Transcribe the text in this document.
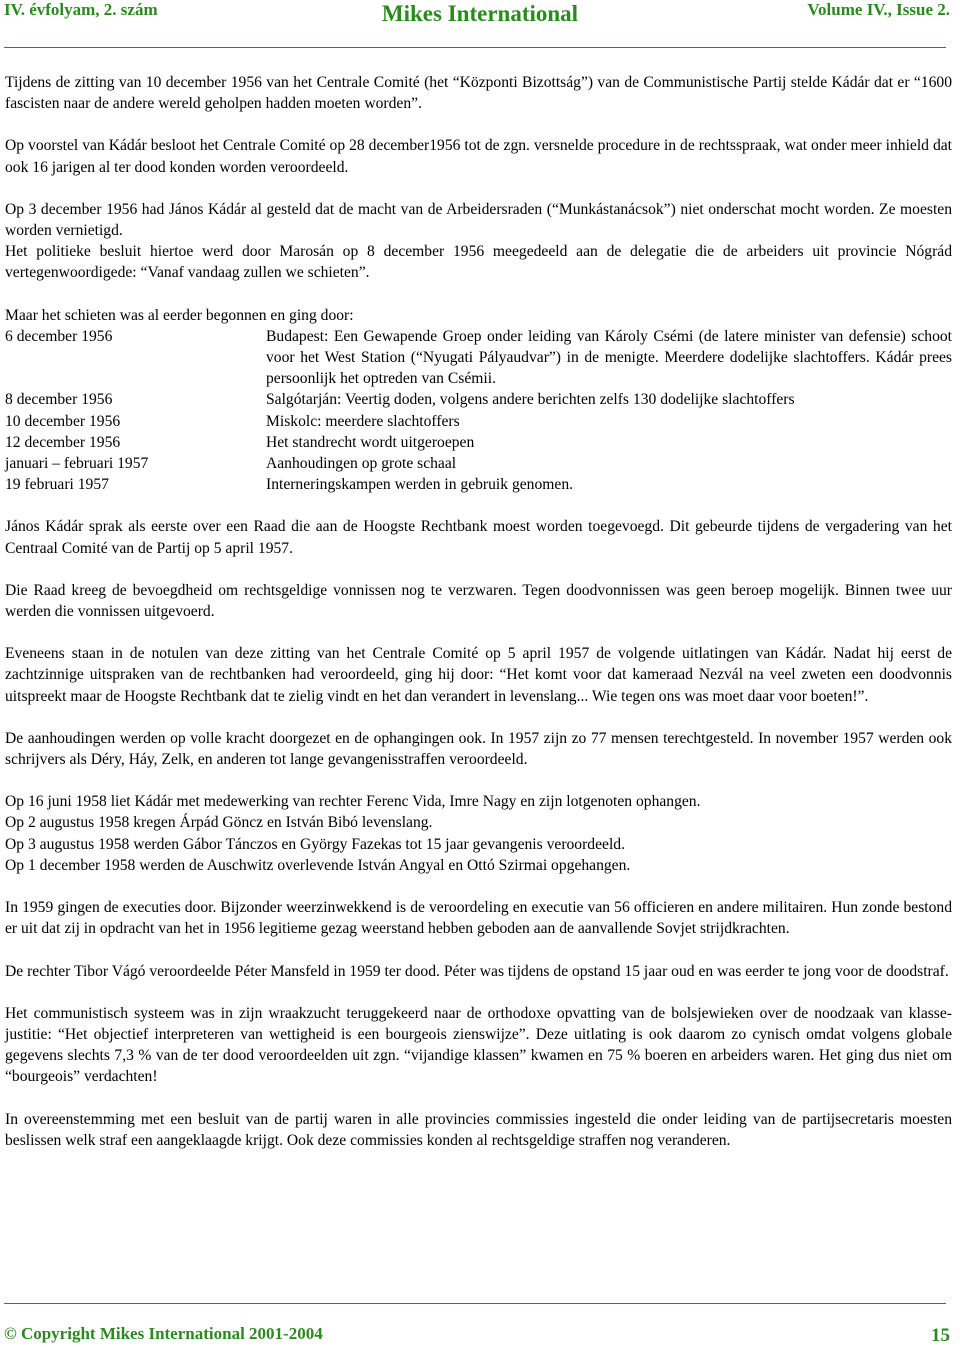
IV. évfolyam, 2. szám	Mikes International	Volume IV., Issue 2.

Tijdens de zitting van 10 december 1956 van het Centrale Comité (het “Központi Bizottság”) van de Communistische Partij stelde Kádár dat er “1600 fascisten naar de andere wereld geholpen hadden moeten worden”.

Op voorstel van Kádár besloot het Centrale Comité op 28 december1956 tot de zgn. versnelde procedure in de rechtsspraak, wat onder meer inhield dat ook 16 jarigen al ter dood konden worden veroordeeld.

Op 3 december 1956 had János Kádár al gesteld dat de macht van de Arbeidersraden (“Munkástanácsok”) niet onderschat mocht worden. Ze moesten worden vernietigd.

Het politieke besluit hiertoe werd door Marosán op 8 december 1956 meegedeeld aan de delegatie die de arbeiders uit provincie Nógrád vertegenwoordigede: “Vanaf vandaag zullen we schieten”.

Maar het schieten was al eerder begonnen en ging door:

6 december 1956	Budapest: Een Gewapende Groep onder leiding van Károly Csémi (de latere minister van defensie) schoot voor het West Station (“Nyugati Pályaudvar”) in de menigte. Meerdere dodelijke slachtoffers. Kádár prees persoonlijk het optreden van Csémii.
8 december 1956	Salgótarján: Veertig doden, volgens andere berichten zelfs 130 dodelijke slachtoffers
10 december 1956	Miskolc: meerdere slachtoffers
12 december 1956	Het standrecht wordt uitgeroepen
januari – februari 1957	Aanhoudingen op grote schaal
19 februari 1957	Interneringskampen werden in gebruik genomen.

János Kádár sprak als eerste over een Raad die aan de Hoogste Rechtbank moest worden toegevoegd. Dit gebeurde tijdens de vergadering van het Centraal Comité van de Partij op 5 april 1957.

Die Raad kreeg de bevoegdheid om rechtsgeldige vonnissen nog te verzwaren. Tegen doodvonnissen was geen beroep mogelijk. Binnen twee uur werden die vonnissen uitgevoerd.

Eveneens staan in de notulen van deze zitting van het Centrale Comité op 5 april 1957 de volgende uitlatingen van Kádár. Nadat hij eerst de zachtzinnige uitspraken van de rechtbanken had veroordeeld, ging hij door: “Het komt voor dat kameraad Nezvál na veel zweten een doodvonnis uitspreekt maar de Hoogste Rechtbank dat te zielig vindt en het dan verandert in levenslang... Wie tegen ons was moet daar voor boeten!”.

De aanhoudingen werden op volle kracht doorgezet en de ophangingen ook. In 1957 zijn zo 77 mensen terechtgesteld. In november 1957 werden ook schrijvers als Déry, Háy, Zelk, en anderen tot lange gevangenisstraffen veroordeeld.

Op 16 juni 1958 liet Kádár met medewerking van rechter Ferenc Vida, Imre Nagy en zijn lotgenoten ophangen.

Op 2 augustus 1958 kregen Árpád Göncz en István Bibó levenslang.

Op 3 augustus 1958 werden Gábor Tánczos en György Fazekas tot 15 jaar gevangenis veroordeeld.

Op 1 december 1958 werden de Auschwitz overlevende István Angyal en Ottó Szirmai opgehangen.

In 1959 gingen de executies door. Bijzonder weerzinwekkend is de veroordeling en executie van 56 officieren en andere militairen. Hun zonde bestond er uit dat zij in opdracht van het in 1956 legitieme gezag weerstand hebben geboden aan de aanvallende Sovjet strijdkrachten.

De rechter Tibor Vágó veroordeelde Péter Mansfeld in 1959 ter dood. Péter was tijdens de opstand 15 jaar oud en was eerder te jong voor de doodstraf.

Het communistisch systeem was in zijn wraakzucht teruggekeerd naar de orthodoxe opvatting van de bolsjewieken over de noodzaak van klasse-justitie: “Het objectief interpreteren van wettigheid is een bourgeois zienswijze”. Deze uitlating is ook daarom zo cynisch omdat volgens globale gegevens slechts 7,3 % van de ter dood veroordeelden uit zgn. “vijandige klassen” kwamen en 75 % boeren en arbeiders waren. Het ging dus niet om “bourgeois” verdachten!

In overeenstemming met een besluit van de partij waren in alle provincies commissies ingesteld die onder leiding van de partijsecretaris moesten beslissen welk straf een aangeklaagde krijgt. Ook deze commissies konden al rechtsgeldige straffen nog veranderen.

© Copyright Mikes International 2001-2004	15
